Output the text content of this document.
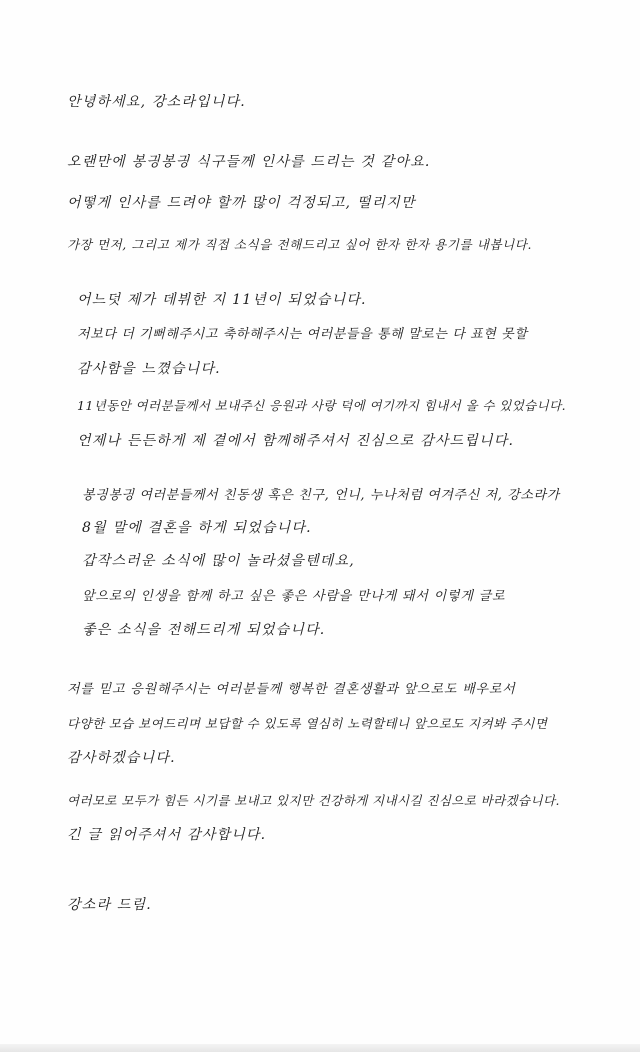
안녕하세요, 강소라입니다.

오랜만에 봉긩봉긩 식구들께 인사를 드리는 것 같아요.

어떻게 인사를 드려야 할까 많이 걱정되고, 떨리지만

가장 먼저, 그리고 제가 직접 소식을 전해드리고 싶어 한자 한자 용기를 내봅니다.

어느덧 제가 데뷔한 지 11년이 되었습니다.

저보다 더 기뻐해주시고 축하해주시는 여러분들을 통해 말로는 다 표현 못할

감사함을 느꼈습니다.

11년동안 여러분들께서 보내주신 응원과 사랑 덕에 여기까지 힘내서 올 수 있었습니다.

언제나 든든하게 제 곁에서 함께해주셔서 진심으로 감사드립니다.

봉긩봉긩 여러분들께서 친동생 혹은 친구, 언니, 누나처럼 여겨주신 저, 강소라가

8월 말에 결혼을 하게 되었습니다.

갑작스러운 소식에 많이 놀라셨을텐데요,

앞으로의 인생을 함께 하고 싶은 좋은 사람을 만나게 돼서 이렇게 글로

좋은 소식을 전해드리게 되었습니다.

저를 믿고 응원해주시는 여러분들께 행복한 결혼생활과 앞으로도 배우로서

다양한 모습 보여드리며 보답할 수 있도록 열심히 노력할테니 앞으로도 지켜봐 주시면

감사하겠습니다.

여러모로 모두가 힘든 시기를 보내고 있지만 건강하게 지내시길 진심으로 바라겠습니다.

긴 글 읽어주셔서 감사합니다.

강소라 드림.
